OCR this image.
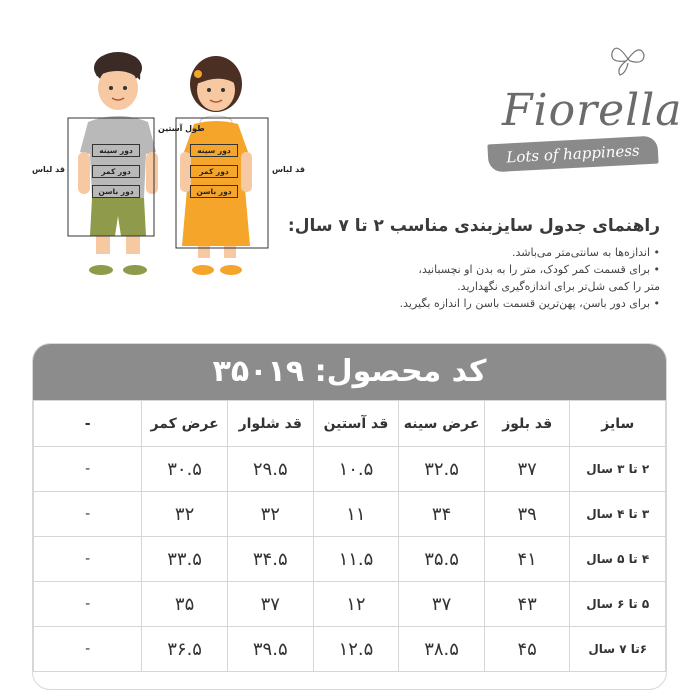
طول آستین
قد لباس
دور سینه
دور کمر
دور باسن
قد لباس
دور سینه
دور کمر
دور باسن
Fiorella
Lots of happiness
راهنمای جدول سایزبندی مناسب ۲ تا ۷ سال:
• اندازه‌ها به سانتی‌متر می‌باشد.
• برای قسمت کمر کودک، متر را به بدن او نچسبانید،
متر را کمی شل‌تر برای اندازه‌گیری نگهدارید.
• برای دور باسن، پهن‌ترین قسمت باسن را اندازه بگیرید.
کد محصول: ۳۵۰۱۹
سایز	قد بلوز	عرض سینه	قد آستین	قد شلوار	عرض کمر	-
۲ تا ۳ سال	۳۷	۳۲.۵	۱۰.۵	۲۹.۵	۳۰.۵	-
۳ تا ۴ سال	۳۹	۳۴	۱۱	۳۲	۳۲	-
۴ تا ۵ سال	۴۱	۳۵.۵	۱۱.۵	۳۴.۵	۳۳.۵	-
۵ تا ۶ سال	۴۳	۳۷	۱۲	۳۷	۳۵	-
۶تا ۷ سال	۴۵	۳۸.۵	۱۲.۵	۳۹.۵	۳۶.۵	-
